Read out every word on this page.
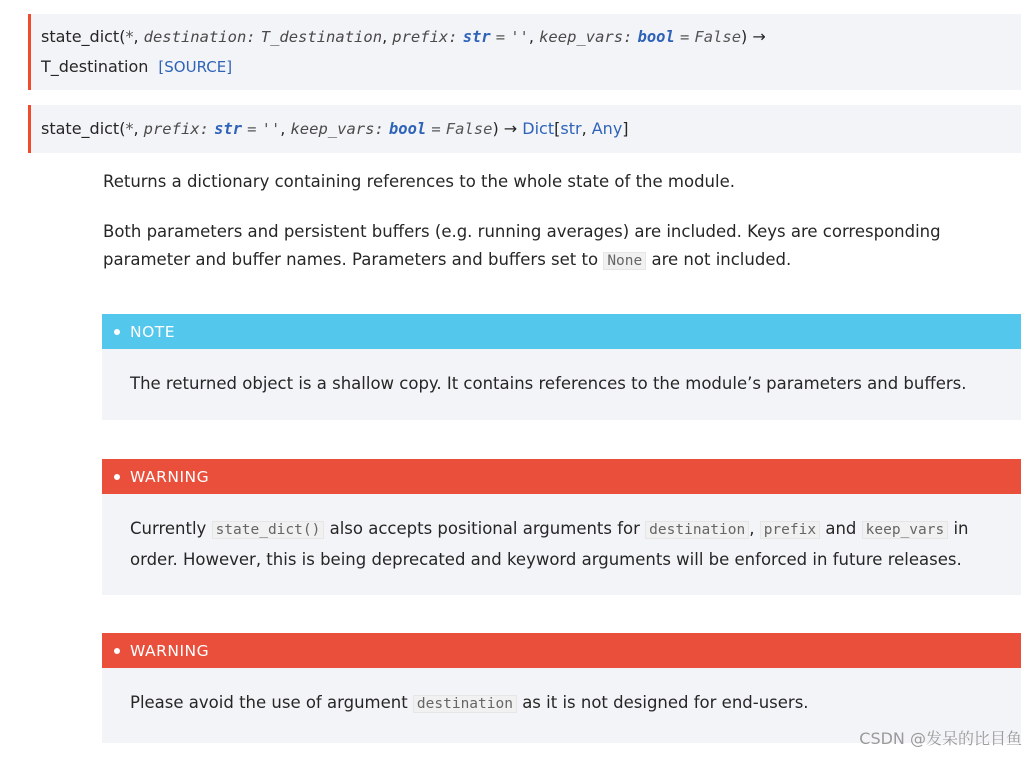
state_dict(*, destination: T_destination, prefix: str = '', keep_vars: bool = False) →
T_destination [SOURCE]
state_dict(*, prefix: str = '', keep_vars: bool = False) → Dict[str, Any]

Returns a dictionary containing references to the whole state of the module.

Both parameters and persistent buffers (e.g. running averages) are included. Keys are corresponding parameter and buffer names. Parameters and buffers set to None are not included.

NOTE
The returned object is a shallow copy. It contains references to the module’s parameters and buffers.
WARNING
Currently state_dict() also accepts positional arguments for destination , prefix and keep_vars in order. However, this is being deprecated and keyword arguments will be enforced in future releases.
WARNING
Please avoid the use of argument destination as it is not designed for end-users.
CSDN @发呆的比目鱼
